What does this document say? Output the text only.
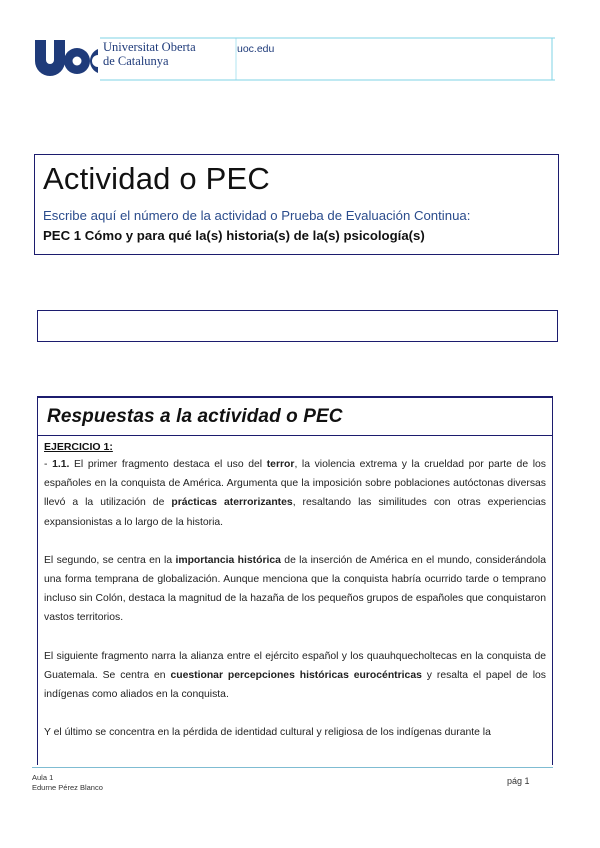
Universitat Oberta
de Catalunya
uoc.edu
Actividad o PEC
Escribe aquí el número de la actividad o Prueba de Evaluación Continua:
PEC 1 Cómo y para qué la(s) historia(s) de la(s) psicología(s)
Respuestas a la actividad o PEC
EJERCICIO 1:

- 1.1. El primer fragmento destaca el uso del terror, la violencia extrema y la crueldad por parte de los españoles en la conquista de América. Argumenta que la imposición sobre poblaciones autóctonas diversas llevó a la utilización de prácticas aterrorizantes, resaltando las similitudes con otras experiencias expansionistas a lo largo de la historia.

El segundo, se centra en la importancia histórica de la inserción de América en el mundo, considerándola una forma temprana de globalización. Aunque menciona que la conquista habría ocurrido tarde o temprano incluso sin Colón, destaca la magnitud de la hazaña de los pequeños grupos de españoles que conquistaron vastos territorios.

El siguiente fragmento narra la alianza entre el ejército español y los quauhquecholtecas en la conquista de Guatemala. Se centra en cuestionar percepciones históricas eurocéntricas y resalta el papel de los indígenas como aliados en la conquista.

Y el último se concentra en la pérdida de identidad cultural y religiosa de los indígenas durante la

Aula 1
Edurne Pérez Blanco
pág 1
